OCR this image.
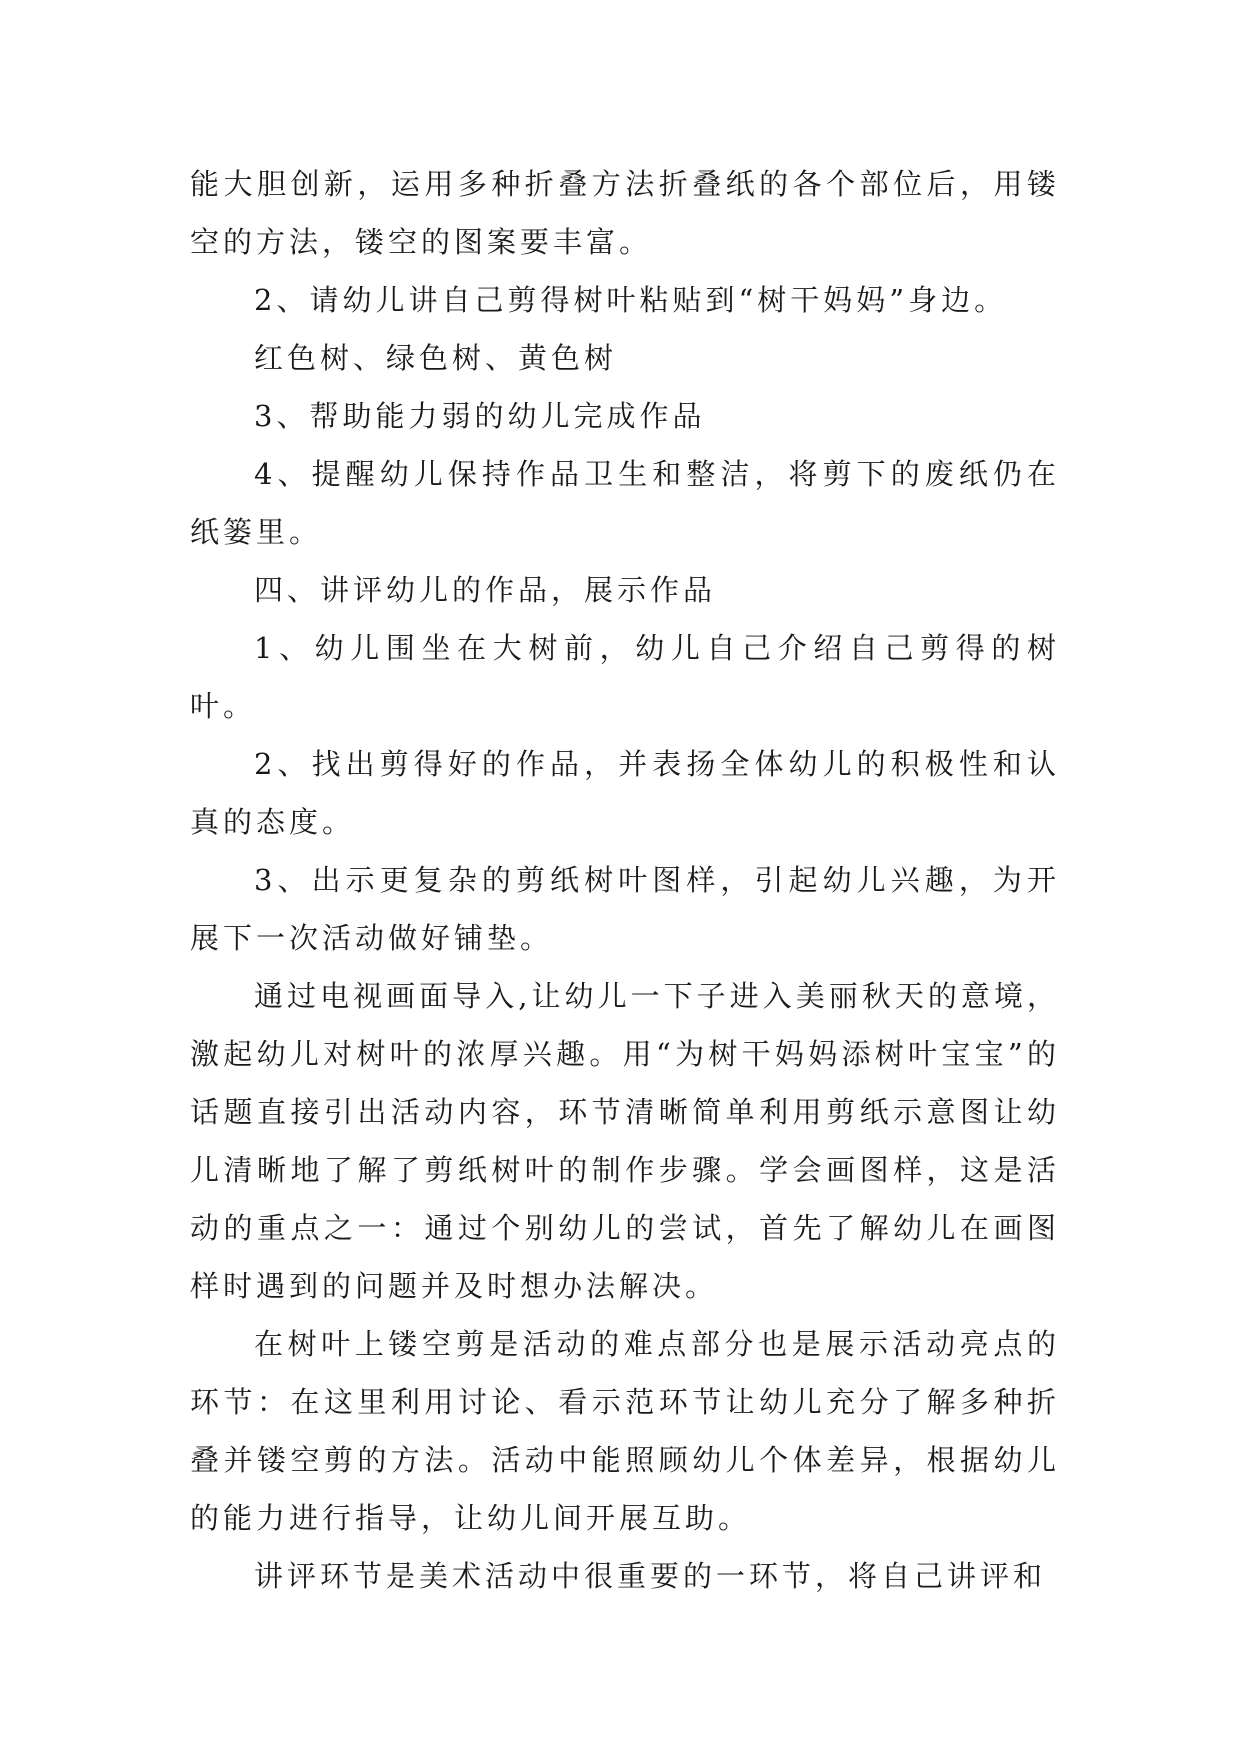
能大胆创新，运用多种折叠方法折叠纸的各个部位后，用镂空的方法，镂空的图案要丰富。

2、请幼儿讲自己剪得树叶粘贴到“树干妈妈”身边。

红色树、绿色树、黄色树

3、帮助能力弱的幼儿完成作品

4、提醒幼儿保持作品卫生和整洁，将剪下的废纸仍在纸篓里。

四、讲评幼儿的作品，展示作品

1、幼儿围坐在大树前，幼儿自己介绍自己剪得的树叶。

2、找出剪得好的作品，并表扬全体幼儿的积极性和认真的态度。

3、出示更复杂的剪纸树叶图样，引起幼儿兴趣，为开展下一次活动做好铺垫。

通过电视画面导入,让幼儿一下子进入美丽秋天的意境，激起幼儿对树叶的浓厚兴趣。用“为树干妈妈添树叶宝宝”的话题直接引出活动内容，环节清晰简单利用剪纸示意图让幼儿清晰地了解了剪纸树叶的制作步骤。学会画图样，这是活动的重点之一：通过个别幼儿的尝试，首先了解幼儿在画图样时遇到的问题并及时想办法解决。

在树叶上镂空剪是活动的难点部分也是展示活动亮点的环节：在这里利用讨论、看示范环节让幼儿充分了解多种折叠并镂空剪的方法。活动中能照顾幼儿个体差异，根据幼儿的能力进行指导，让幼儿间开展互助。

讲评环节是美术活动中很重要的一环节，将自己讲评和
